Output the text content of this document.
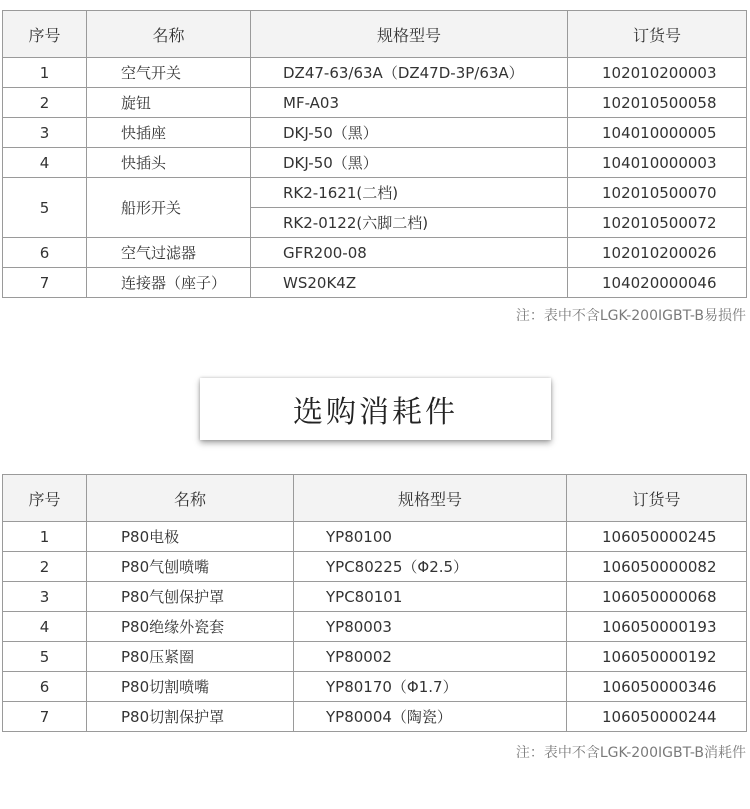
序号	名称	规格型号	订货号
1	空气开关	DZ47-63/63A（DZ47D-3P/63A）	102010200003
2	旋钮	MF-A03	102010500058
3	快插座	DKJ-50（黑）	104010000005
4	快插头	DKJ-50（黑）	104010000003
5	船形开关	RK2-1621(二档)	102010500070
		RK2-0122(六脚二档)	102010500072
6	空气过滤器	GFR200-08	102010200026
7	连接器（座子）	WS20K4Z	104020000046
注：表中不含LGK-200IGBT-B易损件
选购消耗件
序号	名称	规格型号	订货号
1	P80电极	YP80100	106050000245
2	P80气刨喷嘴	YPC80225（Φ2.5）	106050000082
3	P80气刨保护罩	YPC80101	106050000068
4	P80绝缘外瓷套	YP80003	106050000193
5	P80压紧圈	YP80002	106050000192
6	P80切割喷嘴	YP80170（Φ1.7）	106050000346
7	P80切割保护罩	YP80004（陶瓷）	106050000244
注：表中不含LGK-200IGBT-B消耗件
